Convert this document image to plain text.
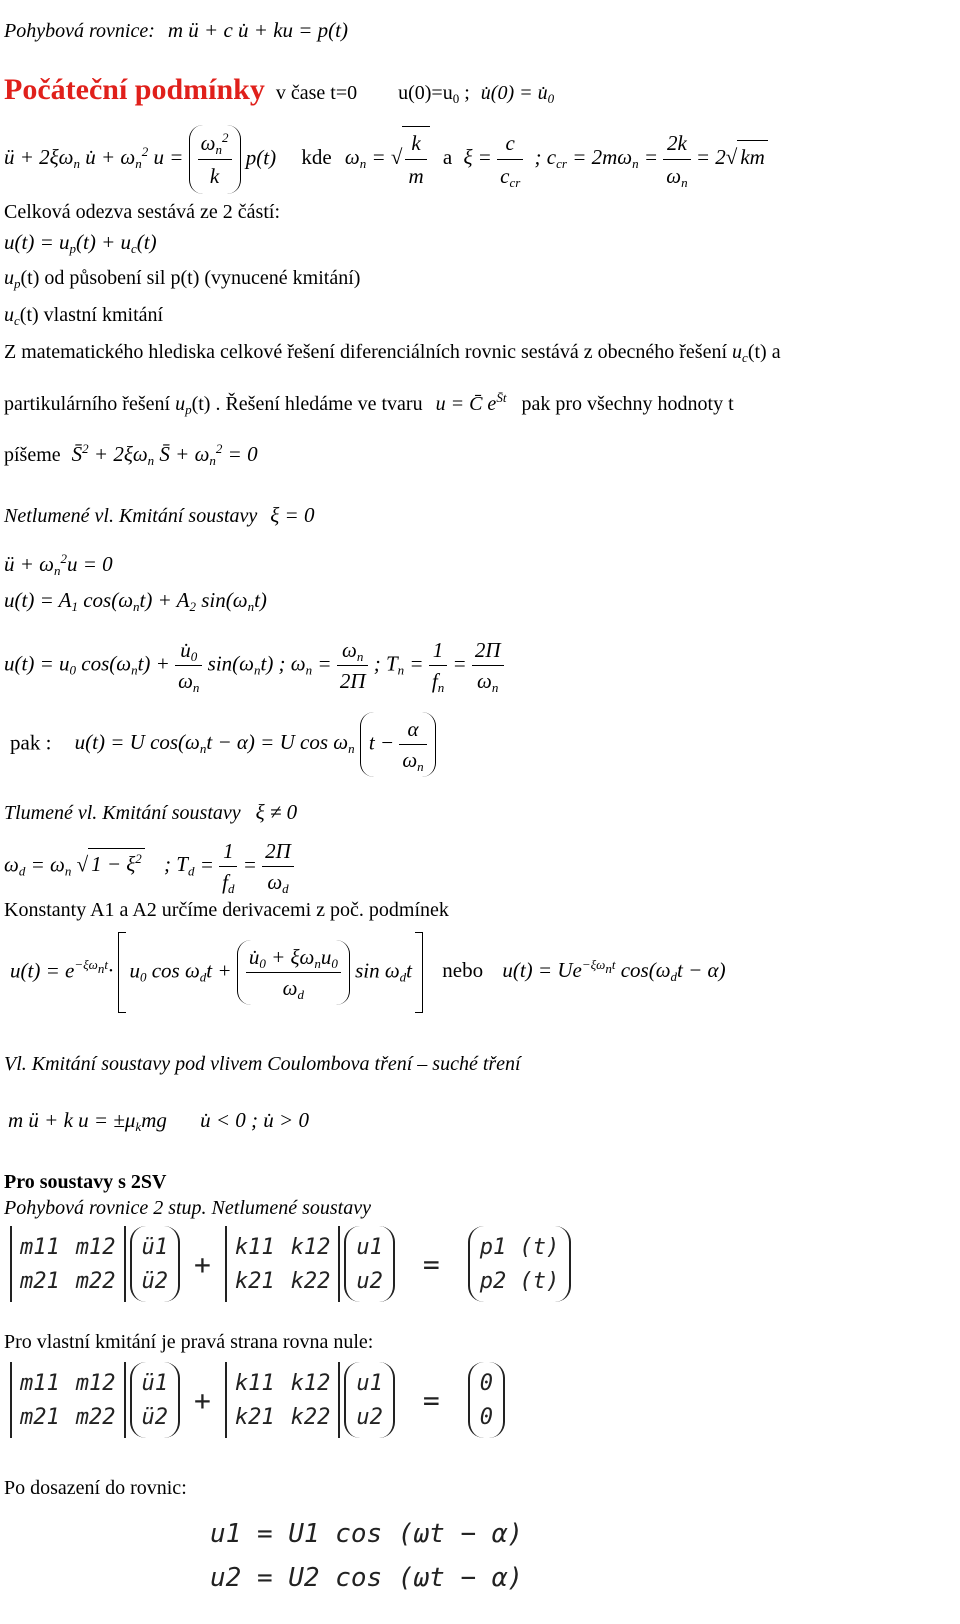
Pohybová rovnice: m ü + c u̇ + ku = p(t)
Počáteční podmínky v čase t=0 $u(0)=u_0$ ; u̇(0) = $u̇_0$
ü + $2\xi\omega_n$ u̇ + $\omega_n^2$ $u = \frac{\omega_n^2}{k} p(t)$ kde $\omega_n$ = √ $\frac{k}{m}$ a $\xi = \frac{c}{c_{cr}}$ ; $c_{cr} = 2m\omega_n = \frac{2k}{\omega_n} = 2√$ km
Celková odezva sestává ze 2 částí:
$u(t) = u_p(t) + u_c(t)$
$u_p(t)$ od působení sil p(t) (vynucené kmitání)
$u_c(t)$ vlastní kmitání
Z matematického hlediska celkové řešení diferenciálních rovnic sestává z obecného řešení $u_c(t)$ a
partikulárního řešení $u_p(t)$ . Řešení hledáme ve tvaru u = C̄ $e^{S̄t}$ pak pro všechny hodnoty t
píšeme S̄$^2$ + $2\xi\omega_n$ S̄ + $\omega_n^2 = 0$
Netlumené vl. Kmitání soustavy ξ = 0
ü + $\omega_n^2u = 0$
$u(t) = A_1$ $\cos(\omega_nt) + A_2$ $\sin(\omega_nt)$
$u(t) = u_0$ $\cos(\omega_nt) + \frac{u̇_0}{\omega_n} \sin(\omega_nt)$ ; $\omega_n = \frac{\omega_n}{2\Pi}$ ; $T_n = \frac{1}{f_n} = \frac{2\Pi}{\omega_n}$
pak : u(t) = U $\cos(\omega_nt - \alpha) = U$ $\cos \omega_n$ $t - \frac{\alpha}{\omega_n}$
Tlumené vl. Kmitání soustavy ξ ≠ 0
$\omega_d = \omega_n$ √ $1 - \xi^2$ ; $T_d = \frac{1}{f_d} = \frac{2\Pi}{\omega_d}$
Konstanty A1 a A2 určíme derivacemi z poč. podmínek
$u(t) = e^{-\xi\omega_nt}\cdot u_0$ $\cos \omega_dt + \frac{u̇_0 + \xi\omega_nu_0}{\omega_d}$ $\sin \omega_dt$ nebo $u(t) = Ue^{-\xi\omega_nt}$ $\cos(\omega_dt - \alpha)$
Vl. Kmitání soustavy pod vlivem Coulombova tření – suché tření
m ü + k $u = \pm\mu_kmg$ u̇ < 0 ; u̇ > 0
Pro soustavy s 2SV
Pohybová rovnice 2 stup. Netlumené soustavy
m11 m12
m21 m22

ü1
ü2
+
k11 k12
k21 k22

u1
u2
=
p1 (t)
p2 (t)
Pro vlastní kmitání je pravá strana rovna nule:
m11 m12
m21 m22

ü1
ü2
+
k11 k12
k21 k22

u1
u2
=
0
0
Po dosazení do rovnic:
u1 = U1 cos (ωt − α)
u2 = U2 cos (ωt − α)
